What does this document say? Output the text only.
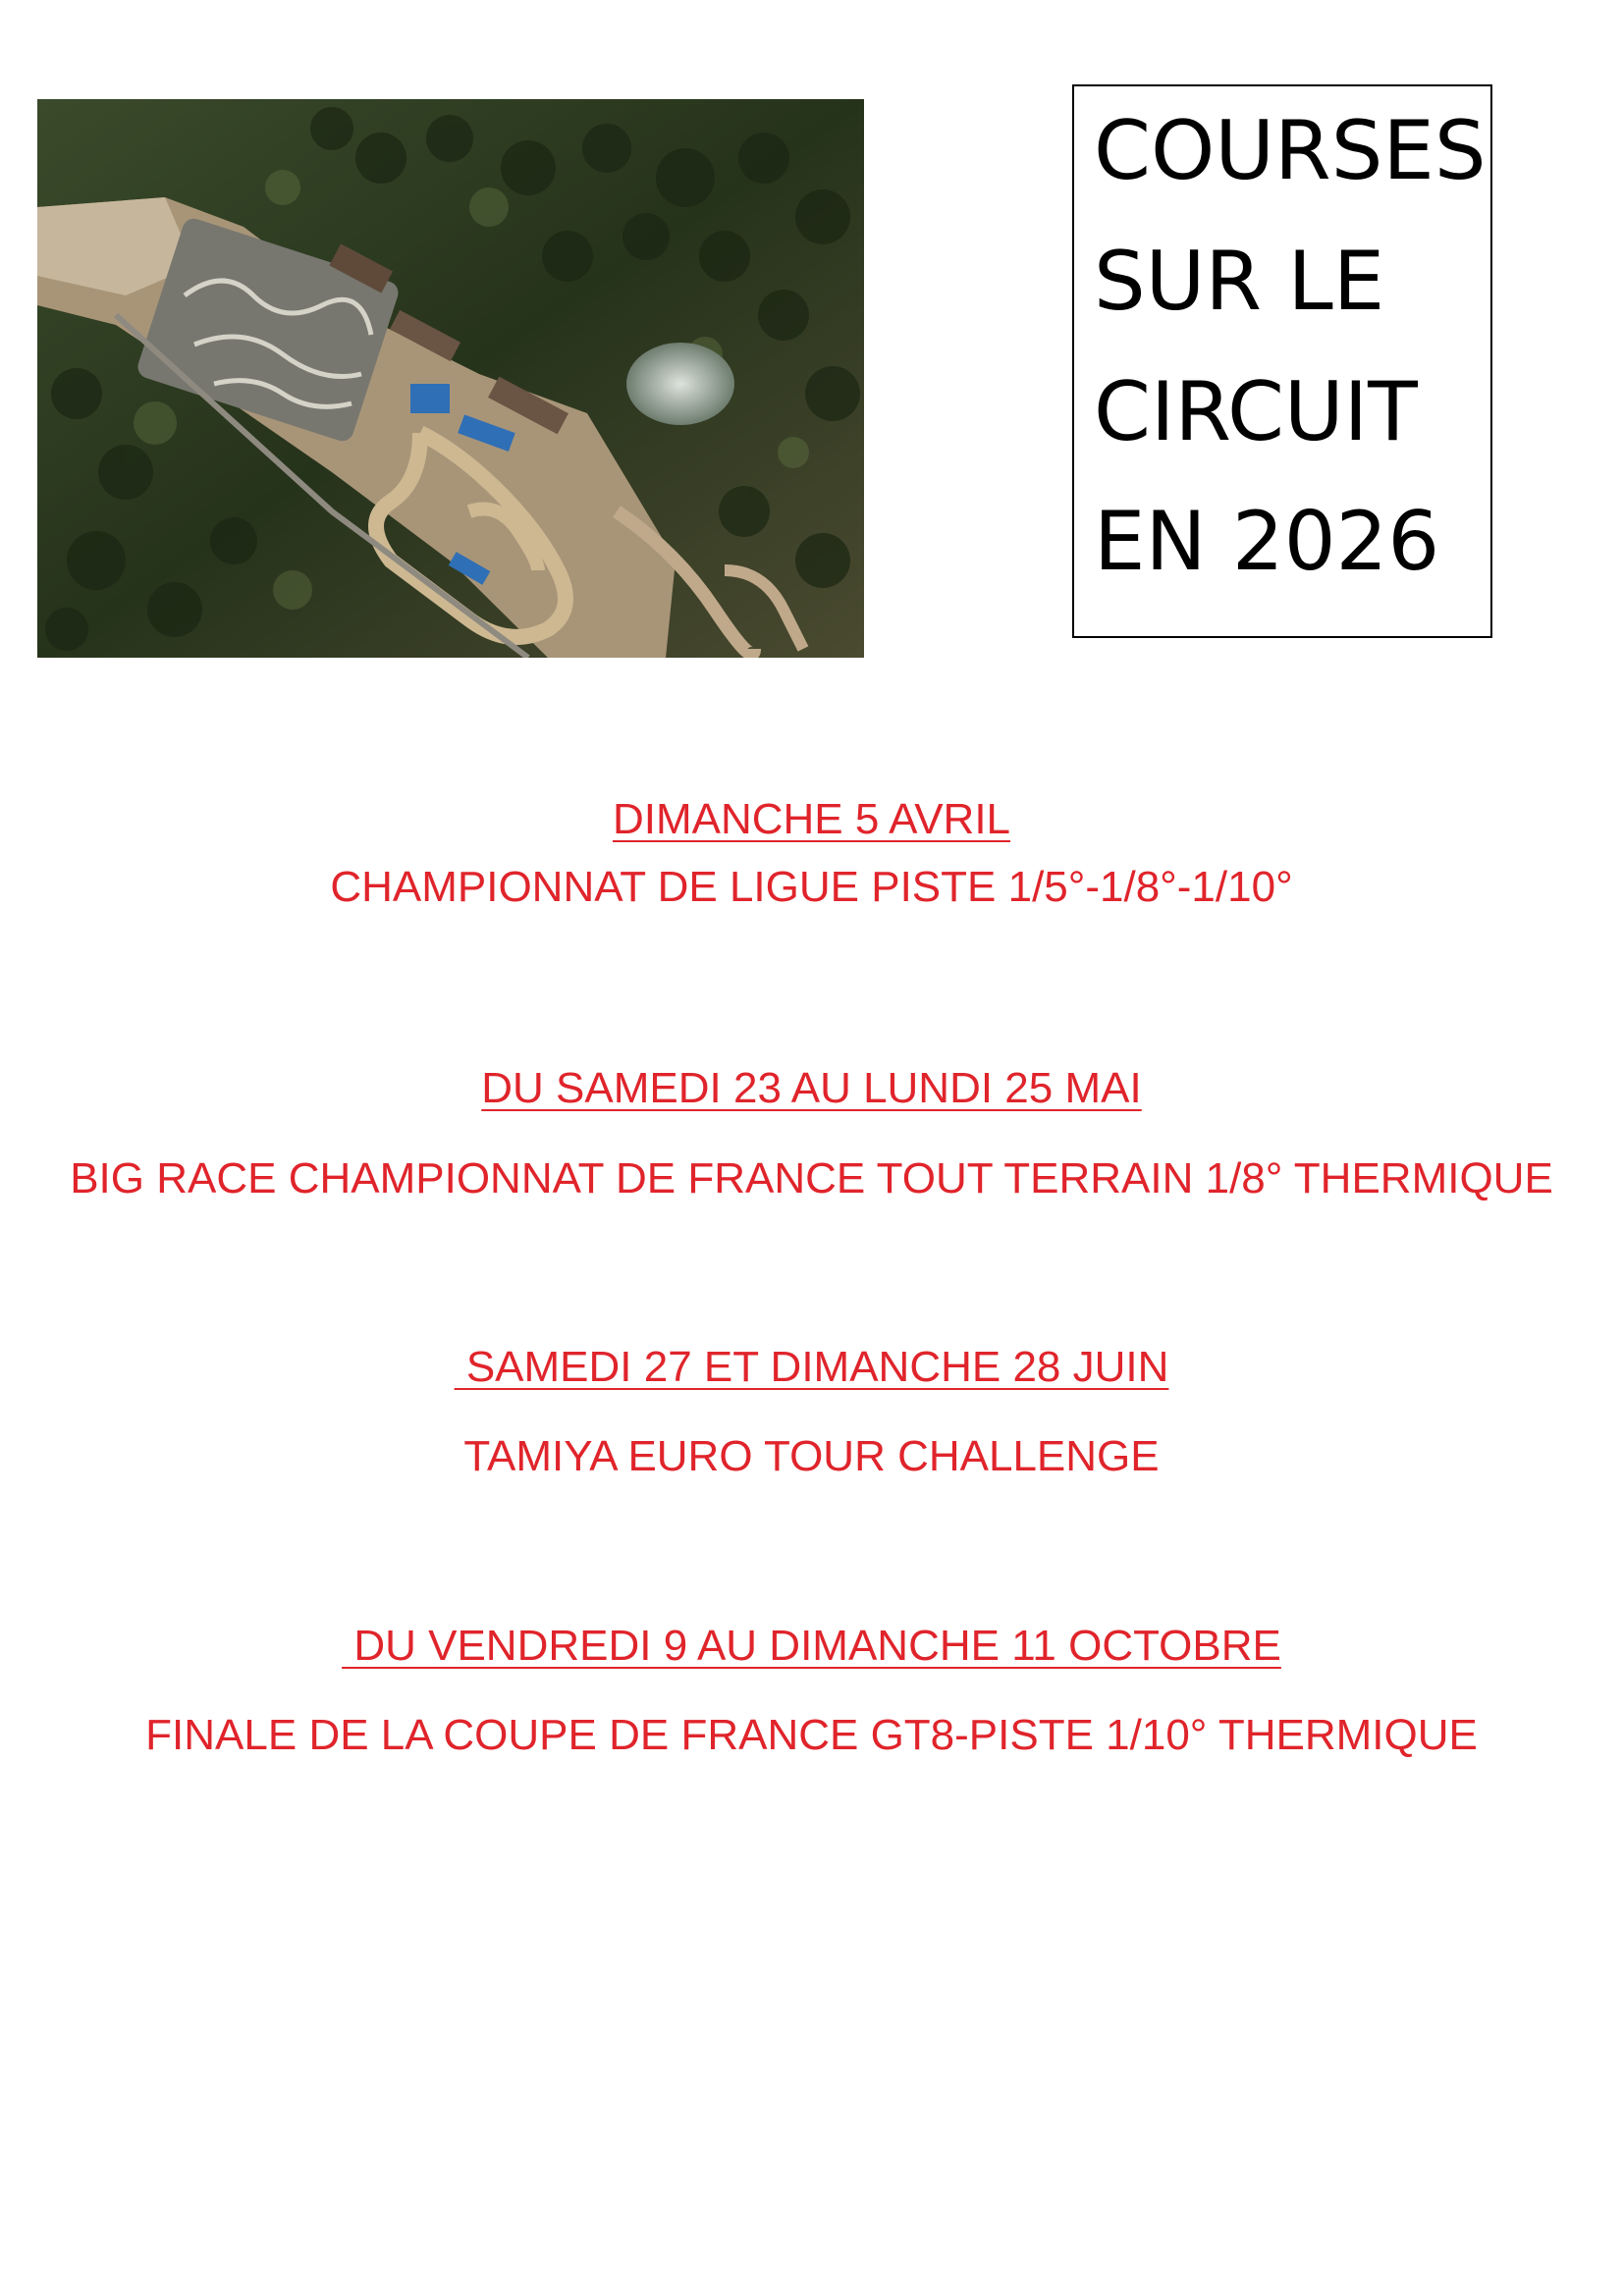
COURSES
SUR LE
CIRCUIT
EN 2026
DIMANCHE 5 AVRIL
CHAMPIONNAT DE LIGUE PISTE 1/5°-1/8°-1/10°
DU SAMEDI 23 AU LUNDI 25 MAI
BIG RACE CHAMPIONNAT DE FRANCE TOUT TERRAIN 1/8° THERMIQUE
SAMEDI 27 ET DIMANCHE 28 JUIN
TAMIYA EURO TOUR CHALLENGE
DU VENDREDI 9 AU DIMANCHE 11 OCTOBRE
FINALE DE LA COUPE DE FRANCE GT8-PISTE 1/10° THERMIQUE
